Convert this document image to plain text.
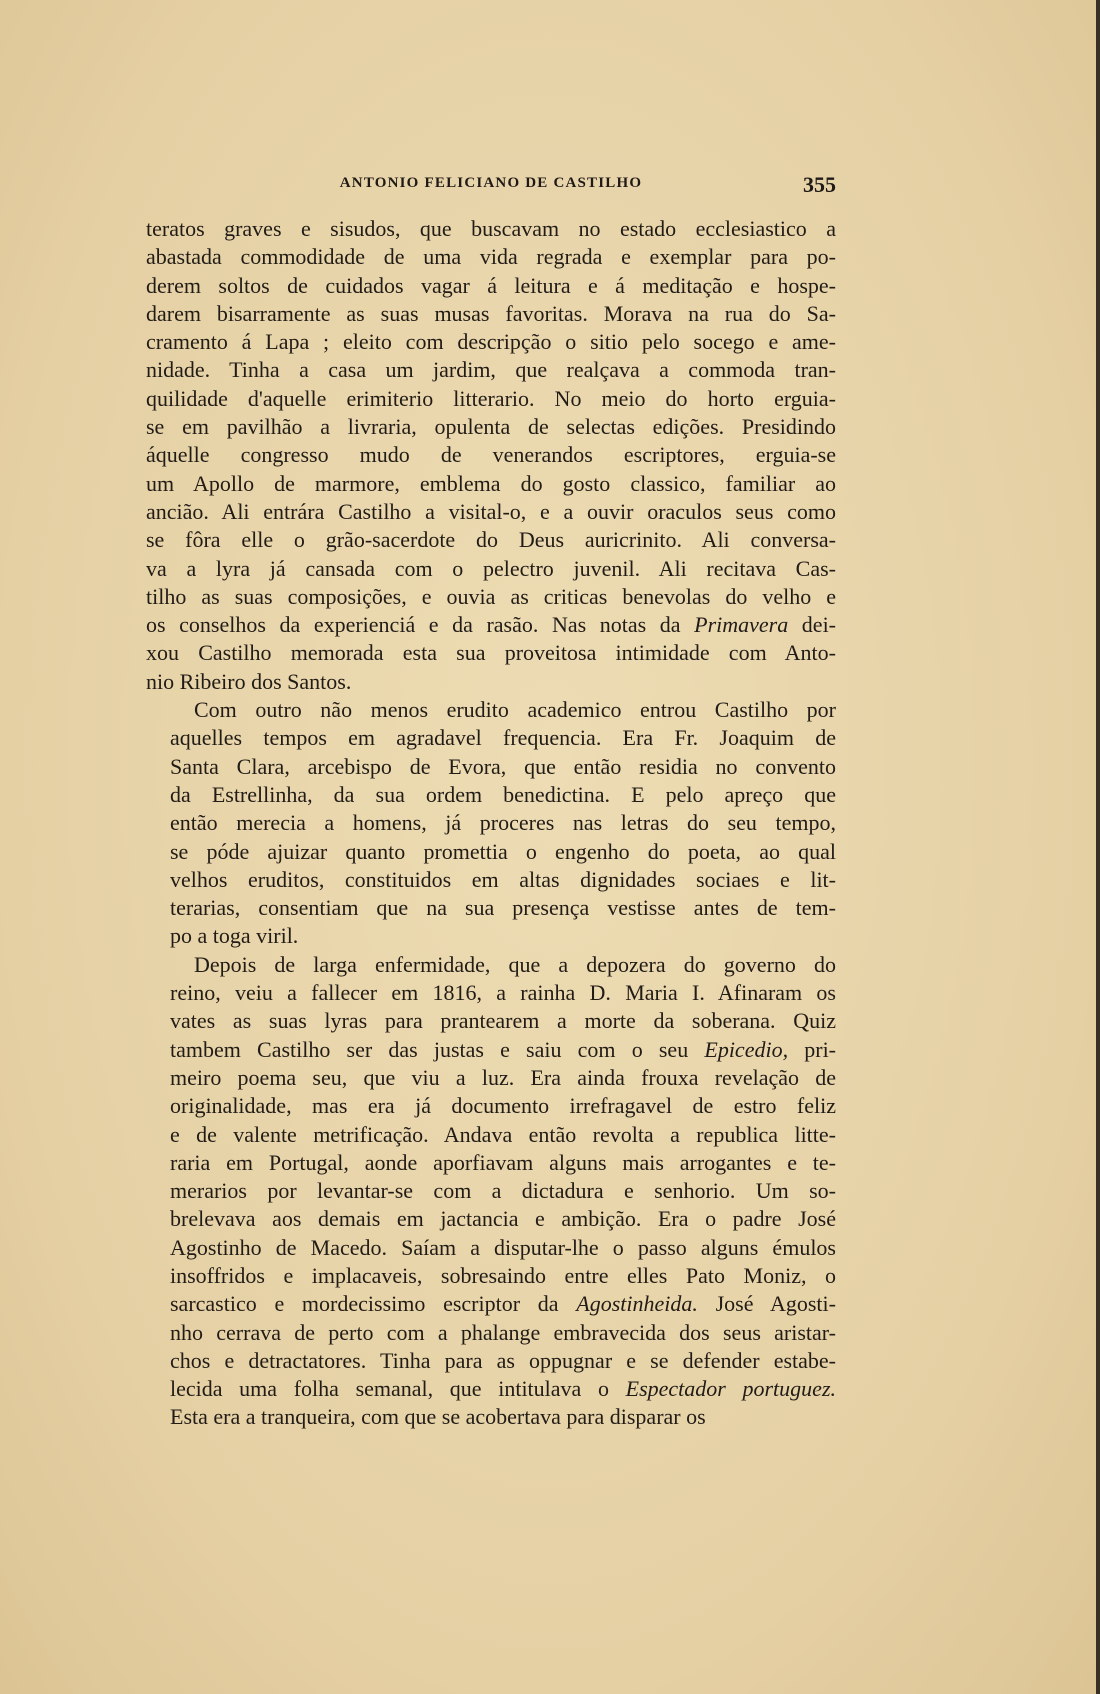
ANTONIO FELICIANO DE CASTILHO	355
teratos graves e sisudos, que buscavam no estado ecclesiastico a
abastada commodidade de uma vida regrada e exemplar para po-
derem soltos de cuidados vagar á leitura e á meditação e hospe-
darem bisarramente as suas musas favoritas. Morava na rua do Sa-
cramento á Lapa ; eleito com descripção o sitio pelo socego e ame-
nidade. Tinha a casa um jardim, que realçava a commoda tran-
quilidade d'aquelle erimiterio litterario. No meio do horto erguia-
se em pavilhão a livraria, opulenta de selectas edições. Presidindo
áquelle congresso mudo de venerandos escriptores, erguia-se
um Apollo de marmore, emblema do gosto classico, familiar ao
ancião. Ali entrára Castilho a visital-o, e a ouvir oraculos seus como
se fôra elle o grão-sacerdote do Deus auricrinito. Ali conversa-
va a lyra já cansada com o pelectro juvenil. Ali recitava Cas-
tilho as suas composições, e ouvia as criticas benevolas do velho e
os conselhos da experienciá e da rasão. Nas notas da Primavera dei-
xou Castilho memorada esta sua proveitosa intimidade com Anto-
nio Ribeiro dos Santos.
Com outro não menos erudito academico entrou Castilho por
aquelles tempos em agradavel frequencia. Era Fr. Joaquim de
Santa Clara, arcebispo de Evora, que então residia no convento
da Estrellinha, da sua ordem benedictina. E pelo apreço que
então merecia a homens, já proceres nas letras do seu tempo,
se póde ajuizar quanto promettia o engenho do poeta, ao qual
velhos eruditos, constituidos em altas dignidades sociaes e lit-
terarias, consentiam que na sua presença vestisse antes de tem-
po a toga viril.
Depois de larga enfermidade, que a depozera do governo do
reino, veiu a fallecer em 1816, a rainha D. Maria I. Afinaram os
vates as suas lyras para prantearem a morte da soberana. Quiz
tambem Castilho ser das justas e saiu com o seu Epicedio, pri-
meiro poema seu, que viu a luz. Era ainda frouxa revelação de
originalidade, mas era já documento irrefragavel de estro feliz
e de valente metrificação. Andava então revolta a republica litte-
raria em Portugal, aonde aporfiavam alguns mais arrogantes e te-
merarios por levantar-se com a dictadura e senhorio. Um so-
brelevava aos demais em jactancia e ambição. Era o padre José
Agostinho de Macedo. Saíam a disputar-lhe o passo alguns émulos
insoffridos e implacaveis, sobresaindo entre elles Pato Moniz, o
sarcastico e mordecissimo escriptor da Agostinheida. José Agosti-
nho cerrava de perto com a phalange embravecida dos seus aristar-
chos e detractatores. Tinha para as oppugnar e se defender estabe-
lecida uma folha semanal, que intitulava o Espectador portuguez.
Esta era a tranqueira, com que se acobertava para disparar os
